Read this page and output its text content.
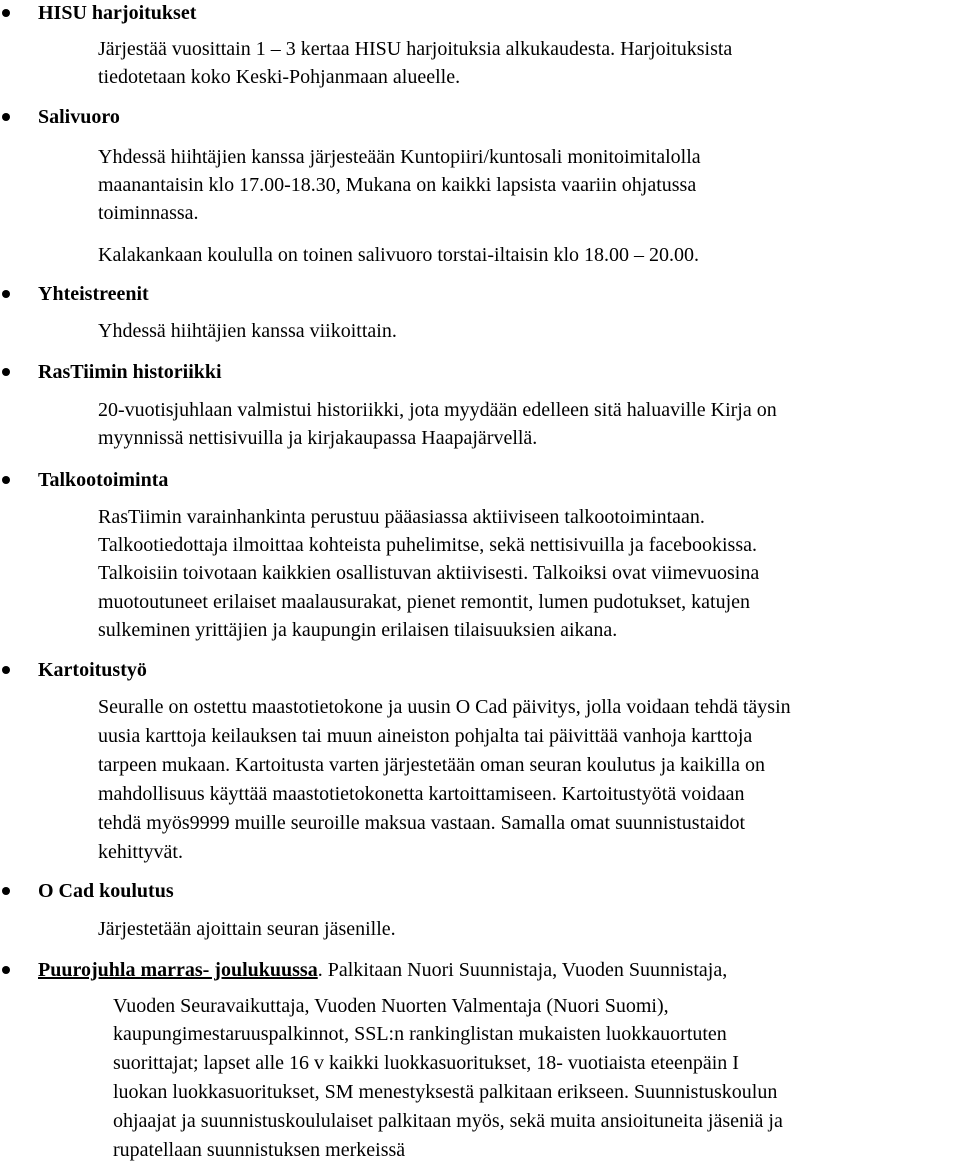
HISU harjoitukset
Järjestää vuosittain 1 – 3 kertaa HISU harjoituksia alkukaudesta. Harjoituksista
tiedotetaan koko Keski-Pohjanmaan alueelle.
Salivuoro
Yhdessä hiihtäjien kanssa järjesteään Kuntopiiri/kuntosali monitoimitalolla
maanantaisin klo 17.00-18.30, Mukana on kaikki lapsista vaariin ohjatussa
toiminnassa.
Kalakankaan koululla on toinen salivuoro torstai-iltaisin klo 18.00 – 20.00.
Yhteistreenit
Yhdessä hiihtäjien kanssa viikoittain.
RasTiimin historiikki
20-vuotisjuhlaan valmistui historiikki, jota myydään edelleen sitä haluaville Kirja on
myynnissä nettisivuilla ja kirjakaupassa Haapajärvellä.
Talkootoiminta
RasTiimin varainhankinta perustuu pääasiassa aktiiviseen talkootoimintaan.
Talkootiedottaja ilmoittaa kohteista puhelimitse, sekä nettisivuilla ja facebookissa.
Talkoisiin toivotaan kaikkien osallistuvan aktiivisesti. Talkoiksi ovat viimevuosina
muotoutuneet erilaiset maalausurakat, pienet remontit, lumen pudotukset, katujen
sulkeminen yrittäjien ja kaupungin erilaisen tilaisuuksien aikana.
Kartoitustyö
Seuralle on ostettu maastotietokone ja uusin O Cad päivitys, jolla voidaan tehdä täysin
uusia karttoja keilauksen tai muun aineiston pohjalta tai päivittää vanhoja karttoja
tarpeen mukaan. Kartoitusta varten järjestetään oman seuran koulutus ja kaikilla on
mahdollisuus käyttää maastotietokonetta kartoittamiseen. Kartoitustyötä voidaan
tehdä myös9999 muille seuroille maksua vastaan. Samalla omat suunnistustaidot
kehittyvät.
O Cad koulutus
Järjestetään ajoittain seuran jäsenille.
Puurojuhla marras- joulukuussa. Palkitaan Nuori Suunnistaja, Vuoden Suunnistaja,
Vuoden Seuravaikuttaja, Vuoden Nuorten Valmentaja (Nuori Suomi),
kaupungimestaruuspalkinnot, SSL:n rankinglistan mukaisten luokkauortuten
suorittajat; lapset alle 16 v kaikki luokkasuoritukset, 18- vuotiaista eteenpäin I
luokan luokkasuoritukset, SM menestyksestä palkitaan erikseen. Suunnistuskoulun
ohjaajat ja suunnistuskoululaiset palkitaan myös, sekä muita ansioituneita jäseniä ja
rupatellaan suunnistuksen merkeissä
